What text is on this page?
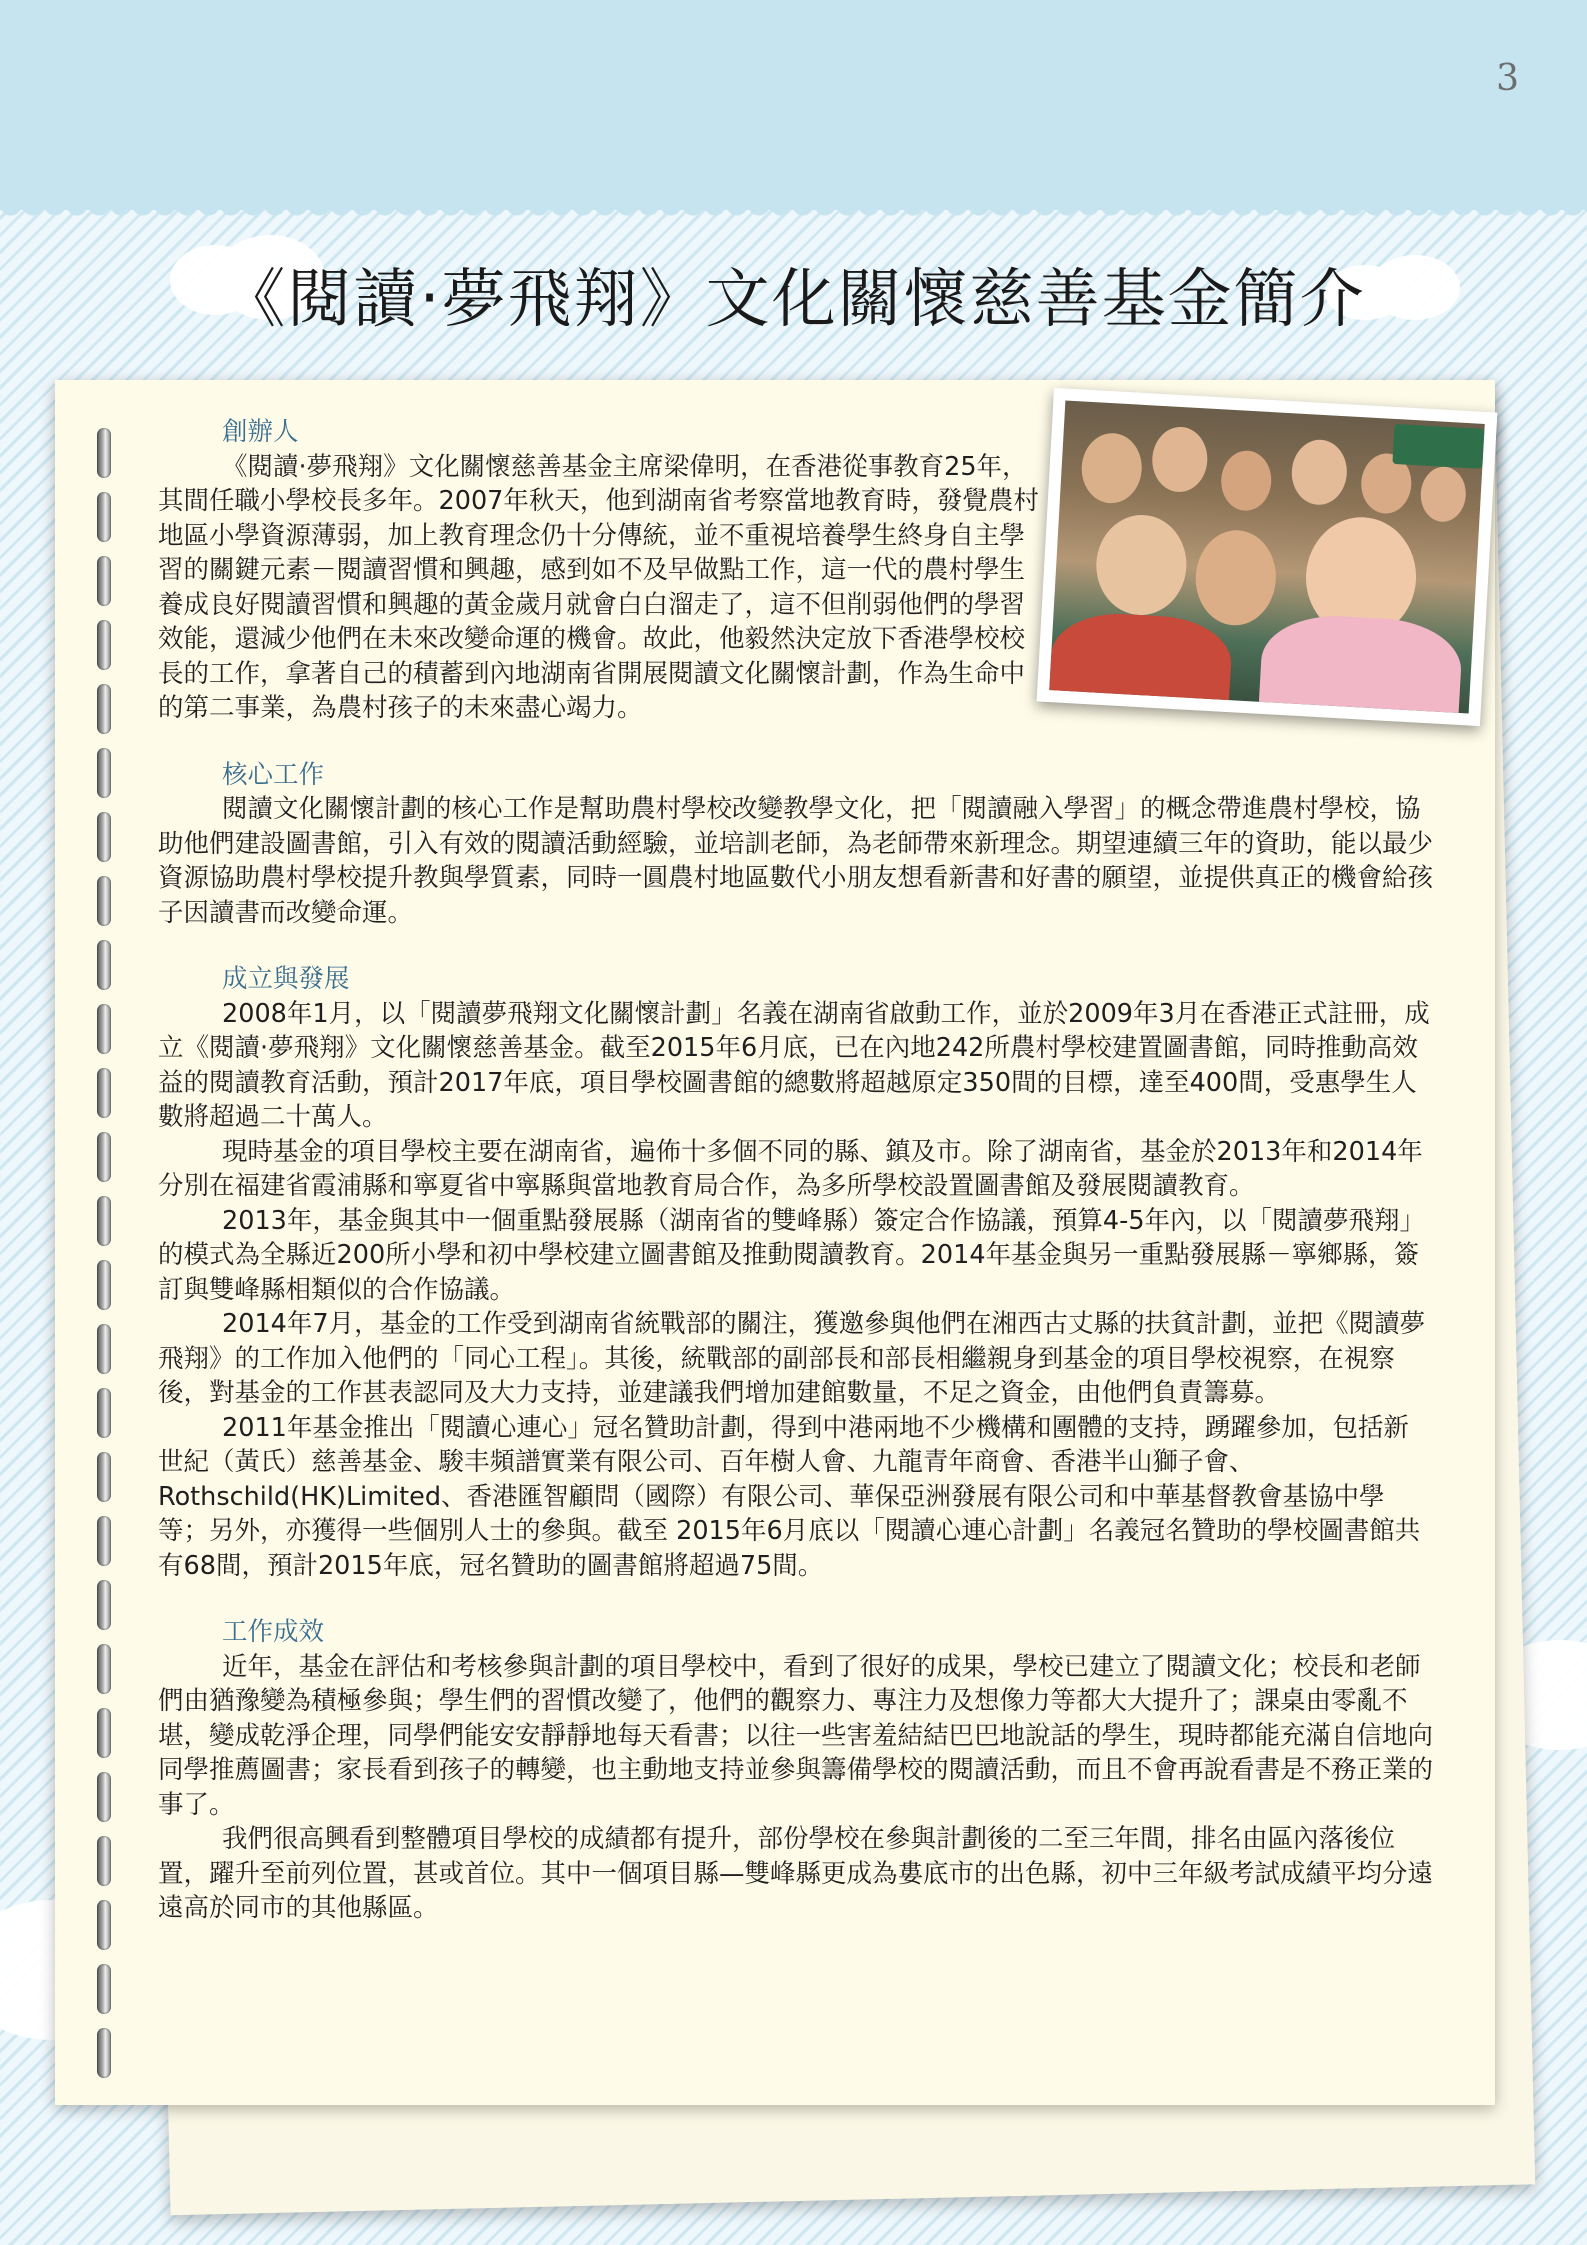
3
《閱讀‧夢飛翔》文化關懷慈善基金簡介
創辦人

《閱讀·夢飛翔》文化關懷慈善基金主席梁偉明，在香港從事教育25年，其間任職小學校長多年。2007年秋天，他到湖南省考察當地教育時，發覺農村地區小學資源薄弱，加上教育理念仍十分傳統，並不重視培養學生終身自主學習的關鍵元素－閱讀習慣和興趣，感到如不及早做點工作，這一代的農村學生養成良好閱讀習慣和興趣的黃金歲月就會白白溜走了，這不但削弱他們的學習效能，還減少他們在未來改變命運的機會。故此，他毅然決定放下香港學校校長的工作，拿著自己的積蓄到內地湖南省開展閱讀文化關懷計劃，作為生命中的第二事業，為農村孩子的未來盡心竭力。

核心工作

閱讀文化關懷計劃的核心工作是幫助農村學校改變教學文化，把「閱讀融入學習」的概念帶進農村學校，協助他們建設圖書館，引入有效的閱讀活動經驗，並培訓老師，為老師帶來新理念。期望連續三年的資助，能以最少資源協助農村學校提升教與學質素，同時一圓農村地區數代小朋友想看新書和好書的願望，並提供真正的機會給孩子因讀書而改變命運。

成立與發展

2008年1月，以「閱讀夢飛翔文化關懷計劃」名義在湖南省啟動工作，並於2009年3月在香港正式註冊，成立《閱讀·夢飛翔》文化關懷慈善基金。截至2015年6月底，已在內地242所農村學校建置圖書館，同時推動高效益的閱讀教育活動，預計2017年底，項目學校圖書館的總數將超越原定350間的目標，達至400間，受惠學生人數將超過二十萬人。

現時基金的項目學校主要在湖南省，遍佈十多個不同的縣、鎮及市。除了湖南省，基金於2013年和2014年分別在福建省霞浦縣和寧夏省中寧縣與當地教育局合作，為多所學校設置圖書館及發展閱讀教育。

2013年，基金與其中一個重點發展縣（湖南省的雙峰縣）簽定合作協議，預算4-5年內，以「閱讀夢飛翔」的模式為全縣近200所小學和初中學校建立圖書館及推動閱讀教育。2014年基金與另一重點發展縣－寧鄉縣，簽訂與雙峰縣相類似的合作協議。

2014年7月，基金的工作受到湖南省統戰部的關注，獲邀參與他們在湘西古丈縣的扶貧計劃，並把《閱讀夢飛翔》的工作加入他們的「同心工程」。其後，統戰部的副部長和部長相繼親身到基金的項目學校視察，在視察後，對基金的工作甚表認同及大力支持，並建議我們增加建館數量，不足之資金，由他們負責籌募。

2011年基金推出「閱讀心連心」冠名贊助計劃，得到中港兩地不少機構和團體的支持，踴躍參加，包括新世紀（黃氏）慈善基金、駿丰頻譜實業有限公司、百年樹人會、九龍青年商會、香港半山獅子會、Rothschild(HK)Limited、香港匯智顧問（國際）有限公司、華保亞洲發展有限公司和中華基督教會基協中學等；另外，亦獲得一些個別人士的參與。截至 2015年6月底以「閱讀心連心計劃」名義冠名贊助的學校圖書館共有68間，預計2015年底，冠名贊助的圖書館將超過75間。

工作成效

近年，基金在評估和考核參與計劃的項目學校中，看到了很好的成果，學校已建立了閱讀文化；校長和老師們由猶豫變為積極參與；學生們的習慣改變了，他們的觀察力、專注力及想像力等都大大提升了；課桌由零亂不堪，變成乾淨企理，同學們能安安靜靜地每天看書；以往一些害羞結結巴巴地說話的學生，現時都能充滿自信地向同學推薦圖書；家長看到孩子的轉變，也主動地支持並參與籌備學校的閱讀活動，而且不會再說看書是不務正業的事了。

我們很高興看到整體項目學校的成績都有提升，部份學校在參與計劃後的二至三年間，排名由區內落後位置，躍升至前列位置，甚或首位。其中一個項目縣—雙峰縣更成為婁底市的出色縣，初中三年級考試成績平均分遠遠高於同市的其他縣區。
